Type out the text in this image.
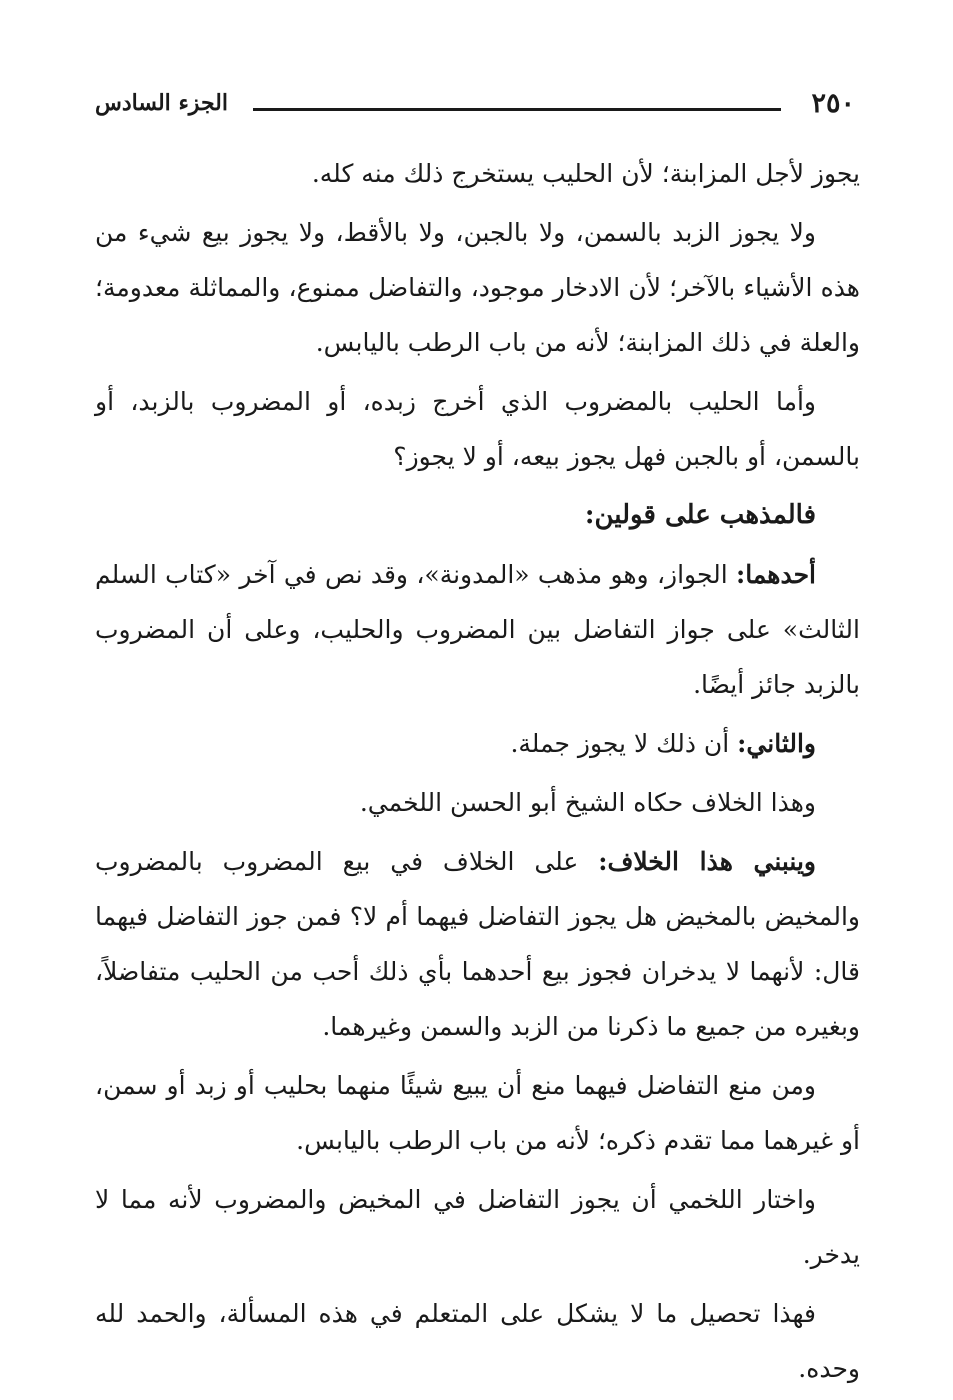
٢٥٠
الجزء السادس

يجوز لأجل المزابنة؛ لأن الحليب يستخرج ذلك منه كله.

ولا يجوز الزبد بالسمن، ولا بالجبن، ولا بالأقط، ولا يجوز بيع شيء من هذه الأشياء بالآخر؛ لأن الادخار موجود، والتفاضل ممنوع، والمماثلة معدومة؛ والعلة في ذلك المزابنة؛ لأنه من باب الرطب باليابس.

وأما الحليب بالمضروب الذي أخرج زبده، أو المضروب بالزبد، أو بالسمن، أو بالجبن فهل يجوز بيعه، أو لا يجوز؟

فالمذهب على قولين:

أحدهما: الجواز، وهو مذهب «المدونة»، وقد نص في آخر «كتاب السلم الثالث» على جواز التفاضل بين المضروب والحليب، وعلى أن المضروب بالزبد جائز أيضًا.

والثاني: أن ذلك لا يجوز جملة.

وهذا الخلاف حكاه الشيخ أبو الحسن اللخمي.

وينبني هذا الخلاف: على الخلاف في بيع المضروب بالمضروب والمخيض بالمخيض هل يجوز التفاضل فيهما أم لا؟ فمن جوز التفاضل فيهما قال: لأنهما لا يدخران فجوز بيع أحدهما بأي ذلك أحب من الحليب متفاضلاً، وبغيره من جميع ما ذكرنا من الزبد والسمن وغيرهما.

ومن منع التفاضل فيهما منع أن يبيع شيئًا منهما بحليب أو زبد أو سمن، أو غيرهما مما تقدم ذكره؛ لأنه من باب الرطب باليابس.

واختار اللخمي أن يجوز التفاضل في المخيض والمضروب لأنه مما لا يدخر.

فهذا تحصيل ما لا يشكل على المتعلم في هذه المسألة، والحمد لله وحده.
